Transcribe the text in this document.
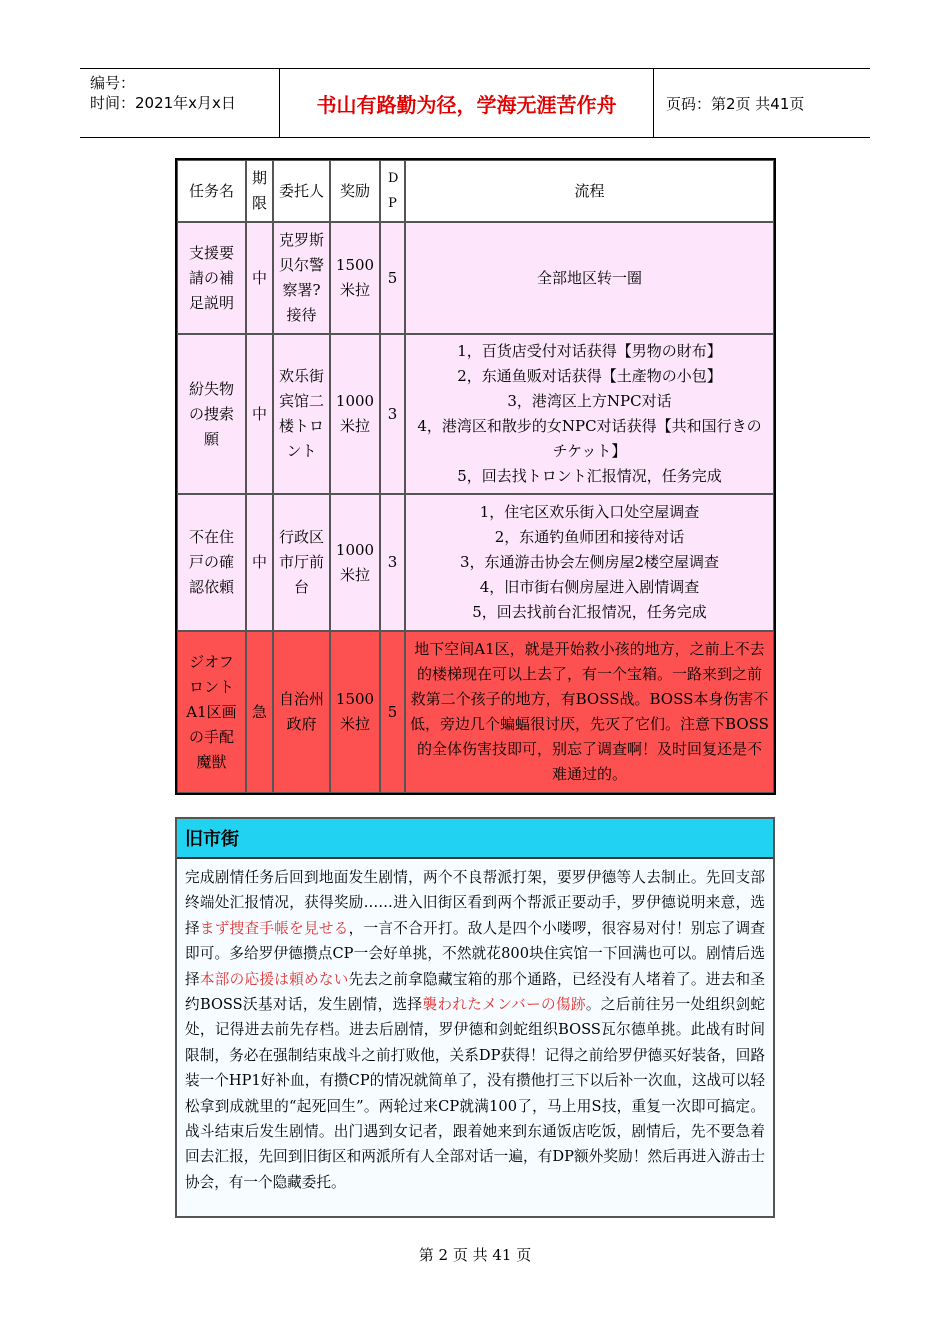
编号：
时间：2021年x月x日	书山有路勤为径，学海无涯苦作舟	页码：第2页 共41页
任务名	期限	委托人	奖励	DP	流程
支援要請の補足説明	中	克罗斯贝尔警察署?接待	1500米拉	5	全部地区转一圈

紛失物の捜索願	中	欢乐街宾馆二楼トロント	1000米拉	3	1，百货店受付对话获得【男物の財布】
2，东通鱼贩对话获得【土產物の小包】
3，港湾区上方NPC对话
4，港湾区和散步的女NPC对话获得【共和国行きのチケット】
5，回去找トロント汇报情况，任务完成

不在住戸の確認依頼	中	行政区市厅前台	1000米拉	3	1，住宅区欢乐街入口处空屋调查
2，东通钓鱼师团和接待对话
3，东通游击协会左侧房屋2楼空屋调查
4，旧市街右侧房屋进入剧情调查
5，回去找前台汇报情况，任务完成

ジオフロントA1区画の手配魔獣	急	自治州政府	1500米拉	5	地下空间A1区，就是开始救小孩的地方，之前上不去的楼梯现在可以上去了，有一个宝箱。一路来到之前救第二个孩子的地方，有BOSS战。BOSS本身伤害不低，旁边几个蝙蝠很讨厌，先灭了它们。注意下BOSS的全体伤害技即可，别忘了调查啊！及时回复还是不难通过的。
旧市街
完成剧情任务后回到地面发生剧情，两个不良帮派打架，要罗伊德等人去制止。先回支部终端处汇报情况，获得奖励……进入旧街区看到两个帮派正要动手，罗伊德说明来意，选择まず捜査手帳を見せる，一言不合开打。敌人是四个小喽啰，很容易对付！别忘了调查即可。多给罗伊德攒点CP一会好单挑，不然就花800块住宾馆一下回满也可以。剧情后选择本部の応援は頼めない先去之前拿隐藏宝箱的那个通路，已经没有人堵着了。进去和圣约BOSS沃基对话，发生剧情，选择襲われたメンバーの傷跡。之后前往另一处组织剑蛇处，记得进去前先存档。进去后剧情，罗伊德和剑蛇组织BOSS瓦尔德单挑。此战有时间限制，务必在强制结束战斗之前打败他，关系DP获得！记得之前给罗伊德买好装备，回路装一个HP1好补血，有攒CP的情况就简单了，没有攒他打三下以后补一次血，这战可以轻松拿到成就里的“起死回生”。两轮过来CP就满100了，马上用S技，重复一次即可搞定。战斗结束后发生剧情。出门遇到女记者，跟着她来到东通饭店吃饭，剧情后，先不要急着回去汇报，先回到旧街区和两派所有人全部对话一遍，有DP额外奖励！然后再进入游击士协会，有一个隐藏委托。
第 2 页 共 41 页
